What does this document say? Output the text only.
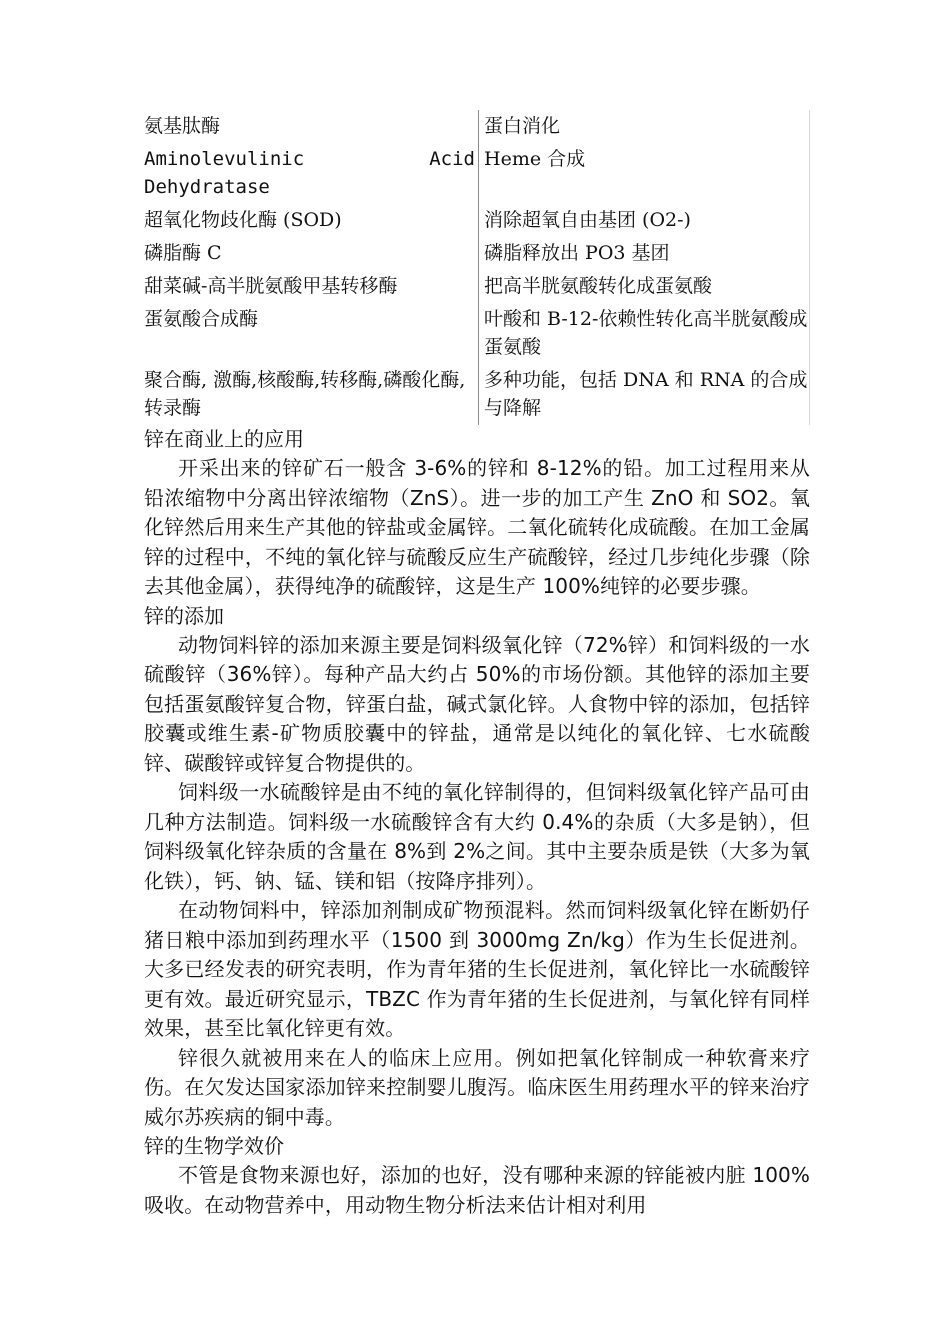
氨基肽酶	蛋白消化
Aminolevulinic Acid Dehydratase	Heme 合成
超氧化物歧化酶 (SOD)	消除超氧自由基团 (O2-)
磷脂酶 C	磷脂释放出 PO3 基团
甜菜碱-高半胱氨酸甲基转移酶	把高半胱氨酸转化成蛋氨酸
蛋氨酸合成酶	叶酸和 B-12-依赖性转化高半胱氨酸成蛋氨酸
聚合酶, 激酶,核酸酶,转移酶,磷酸化酶,转录酶	多种功能，包括 DNA 和 RNA 的合成与降解

锌在商业上的应用

开采出来的锌矿石一般含 3-6%的锌和 8-12%的铅。加工过程用来从铅浓缩物中分离出锌浓缩物（ZnS）。进一步的加工产生 ZnO 和 SO2。氧化锌然后用来生产其他的锌盐或金属锌。二氧化硫转化成硫酸。在加工金属锌的过程中，不纯的氧化锌与硫酸反应生产硫酸锌，经过几步纯化步骤（除去其他金属），获得纯净的硫酸锌，这是生产 100%纯锌的必要步骤。

锌的添加

动物饲料锌的添加来源主要是饲料级氧化锌（72%锌）和饲料级的一水硫酸锌（36%锌）。每种产品大约占 50%的市场份额。其他锌的添加主要包括蛋氨酸锌复合物，锌蛋白盐，碱式氯化锌。人食物中锌的添加，包括锌胶囊或维生素-矿物质胶囊中的锌盐，通常是以纯化的氧化锌、七水硫酸锌、碳酸锌或锌复合物提供的。

饲料级一水硫酸锌是由不纯的氧化锌制得的，但饲料级氧化锌产品可由几种方法制造。饲料级一水硫酸锌含有大约 0.4%的杂质（大多是钠），但饲料级氧化锌杂质的含量在 8%到 2%之间。其中主要杂质是铁（大多为氧化铁），钙、钠、锰、镁和铝（按降序排列）。

在动物饲料中，锌添加剂制成矿物预混料。然而饲料级氧化锌在断奶仔猪日粮中添加到药理水平（1500 到 3000mg Zn/kg）作为生长促进剂。大多已经发表的研究表明，作为青年猪的生长促进剂，氧化锌比一水硫酸锌更有效。最近研究显示，TBZC 作为青年猪的生长促进剂，与氧化锌有同样效果，甚至比氧化锌更有效。

锌很久就被用来在人的临床上应用。例如把氧化锌制成一种软膏来疗伤。在欠发达国家添加锌来控制婴儿腹泻。临床医生用药理水平的锌来治疗威尔苏疾病的铜中毒。

锌的生物学效价

不管是食物来源也好，添加的也好，没有哪种来源的锌能被内脏 100%吸收。在动物营养中，用动物生物分析法来估计相对利用
